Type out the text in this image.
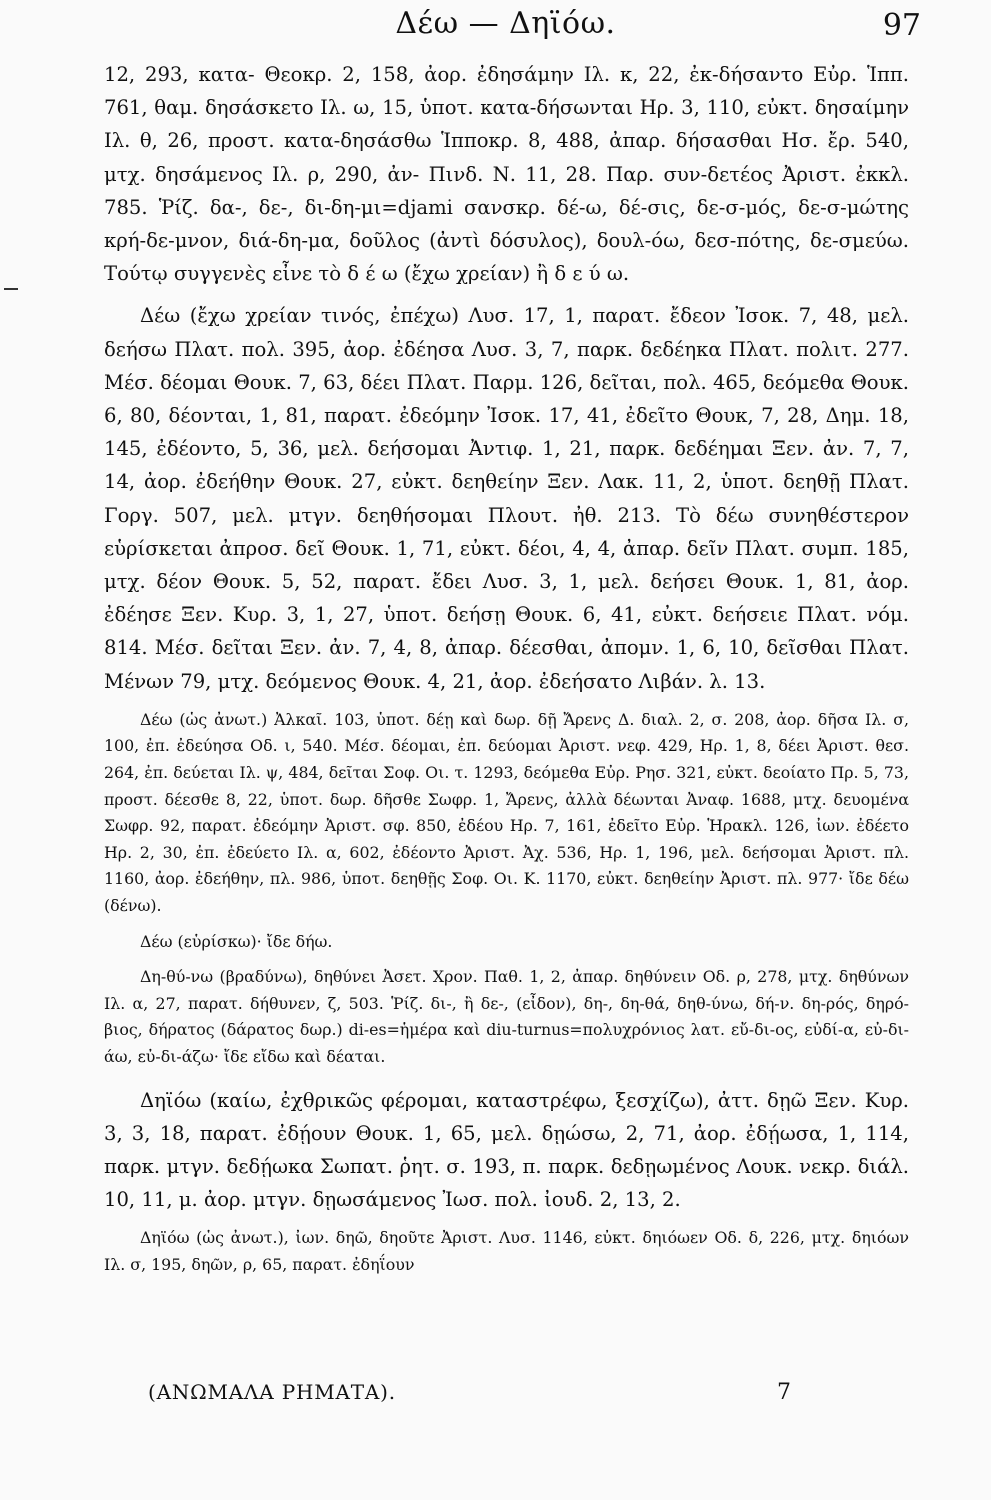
Δέω — Δηϊόω.	97

12, 293, κατα- Θεοκρ. 2, 158, ἀορ. ἐδησάμην Ιλ. κ, 22, ἐκ-δήσαντο Εὐρ. Ἱππ. 761, θαμ. δησάσκετο Ιλ. ω, 15, ὑποτ. κατα-δήσωνται Ηρ. 3, 110, εὐκτ. δησαίμην Ιλ. θ, 26, προστ. κατα-δησάσθω Ἱπποκρ. 8, 488, ἀπαρ. δήσασθαι Ησ. ἔρ. 540, μτχ. δησάμενος Ιλ. ρ, 290, ἀν- Πινδ. Ν. 11, 28. Παρ. συν-δετέος Ἀριστ. ἐκκλ. 785. Ῥίζ. δα-, δε-, δι-δη-μι=djami σανσκρ. δέ-ω, δέ-σις, δε-σ-μός, δε-σ-μώτης κρή-δε-μνον, διά-δη-μα, δοῦλος (ἀντὶ δόσυλος), δουλ-όω, δεσ-πότης, δε-σμεύω. Τούτῳ συγγενὲς εἶνε τὸ δ έ ω (ἔχω χρείαν) ἢ δ ε ύ ω.

Δέω (ἔχω χρείαν τινός, ἐπέχω) Λυσ. 17, 1, παρατ. ἔδεον Ἰσοκ. 7, 48, μελ. δεήσω Πλατ. πολ. 395, ἀορ. ἐδέησα Λυσ. 3, 7, παρκ. δεδέηκα Πλατ. πολιτ. 277. Μέσ. δέομαι Θουκ. 7, 63, δέει Πλατ. Παρμ. 126, δεῖται, πολ. 465, δεόμεθα Θουκ. 6, 80, δέονται, 1, 81, παρατ. ἐδεόμην Ἰσοκ. 17, 41, ἐδεῖτο Θουκ, 7, 28, Δημ. 18, 145, ἐδέοντο, 5, 36, μελ. δεήσομαι Ἀντιφ. 1, 21, παρκ. δεδέημαι Ξεν. ἀν. 7, 7, 14, ἀορ. ἐδεήθην Θουκ. 27, εὐκτ. δεηθείην Ξεν. Λακ. 11, 2, ὑποτ. δεηθῇ Πλατ. Γοργ. 507, μελ. μτγν. δεηθήσομαι Πλουτ. ἠθ. 213. Τὸ δέω συνηθέστερον εὑρίσκεται ἀπροσ. δεῖ Θουκ. 1, 71, εὐκτ. δέοι, 4, 4, ἀπαρ. δεῖν Πλατ. συμπ. 185, μτχ. δέον Θουκ. 5, 52, παρατ. ἔδει Λυσ. 3, 1, μελ. δεήσει Θουκ. 1, 81, ἀορ. ἐδέησε Ξεν. Κυρ. 3, 1, 27, ὑποτ. δεήσῃ Θουκ. 6, 41, εὐκτ. δεήσειε Πλατ. νόμ. 814. Μέσ. δεῖται Ξεν. ἀν. 7, 4, 8, ἀπαρ. δέεσθαι, ἀπομν. 1, 6, 10, δεῖσθαι Πλατ. Μένων 79, μτχ. δεόμενος Θουκ. 4, 21, ἀορ. ἐδεήσατο Λιβάν. λ. 13.

Δέω (ὡς ἀνωτ.) Ἀλκαῖ. 103, ὑποτ. δέῃ καὶ δωρ. δῇ Ἄρενς Δ. διαλ. 2, σ. 208, ἀορ. δῆσα Ιλ. σ, 100, ἐπ. ἐδεύησα Οδ. ι, 540. Μέσ. δέομαι, ἐπ. δεύομαι Ἀριστ. νεφ. 429, Ηρ. 1, 8, δέει Ἀριστ. θεσ. 264, ἐπ. δεύεται Ιλ. ψ, 484, δεῖται Σοφ. Οι. τ. 1293, δεόμεθα Εὐρ. Ρησ. 321, εὐκτ. δεοίατο Πρ. 5, 73, προστ. δέεσθε 8, 22, ὑποτ. δωρ. δῆσθε Σωφρ. 1, Ἄρενς, ἀλλὰ δέωνται Ἀναφ. 1688, μτχ. δευομένα Σωφρ. 92, παρατ. ἐδεόμην Ἀριστ. σφ. 850, ἐδέου Ηρ. 7, 161, ἐδεῖτο Εὐρ. Ἡρακλ. 126, ἰων. ἐδέετο Ηρ. 2, 30, ἐπ. ἐδεύετο Ιλ. α, 602, ἐδέοντο Ἀριστ. Ἀχ. 536, Ηρ. 1, 196, μελ. δεήσομαι Ἀριστ. πλ. 1160, ἀορ. ἐδεήθην, πλ. 986, ὑποτ. δεηθῇς Σοφ. Οι. Κ. 1170, εὐκτ. δεηθείην Ἀριστ. πλ. 977· ἴδε δέω (δένω).

Δέω (εὑρίσκω)· ἴδε δήω.

Δη-θύ-νω (βραδύνω), δηθύνει Ἀσετ. Χρον. Παθ. 1, 2, ἀπαρ. δηθύνειν Οδ. ρ, 278, μτχ. δηθύνων Ιλ. α, 27, παρατ. δήθυνεν, ζ, 503. Ῥίζ. δι-, ἢ δε-, (εἶδον), δη-, δη-θά, δηθ-ύνω, δή-ν. δη-ρός, δηρό-βιος, δήρατος (δάρατος δωρ.) di-es=ἡμέρα καὶ diu-turnus=πολυχρόνιος λατ. εὔ-δι-ος, εὐδί-α, εὐ-δι-άω, εὐ-δι-άζω· ἴδε εἴδω καὶ δέαται.

Δηϊόω (καίω, ἐχθρικῶς φέρομαι, καταστρέφω, ξεσχίζω), ἀττ. δῃῶ Ξεν. Κυρ. 3, 3, 18, παρατ. ἐδῄουν Θουκ. 1, 65, μελ. δῃώσω, 2, 71, ἀορ. ἐδῄωσα, 1, 114, παρκ. μτγν. δεδῄωκα Σωπατ. ῥητ. σ. 193, π. παρκ. δεδῃωμένος Λουκ. νεκρ. διάλ. 10, 11, μ. ἀορ. μτγν. δῃωσάμενος Ἰωσ. πολ. ἰουδ. 2, 13, 2.

Δηϊόω (ὡς ἀνωτ.), ἰων. δηῶ, δηοῦτε Ἀριστ. Λυσ. 1146, εὐκτ. δηιόωεν Οδ. δ, 226, μτχ. δηιόων Ιλ. σ, 195, δηῶν, ρ, 65, παρατ. ἐδηΐουν

(ΑΝΩΜΑΛΑ ΡΗΜΑΤΑ).	7
